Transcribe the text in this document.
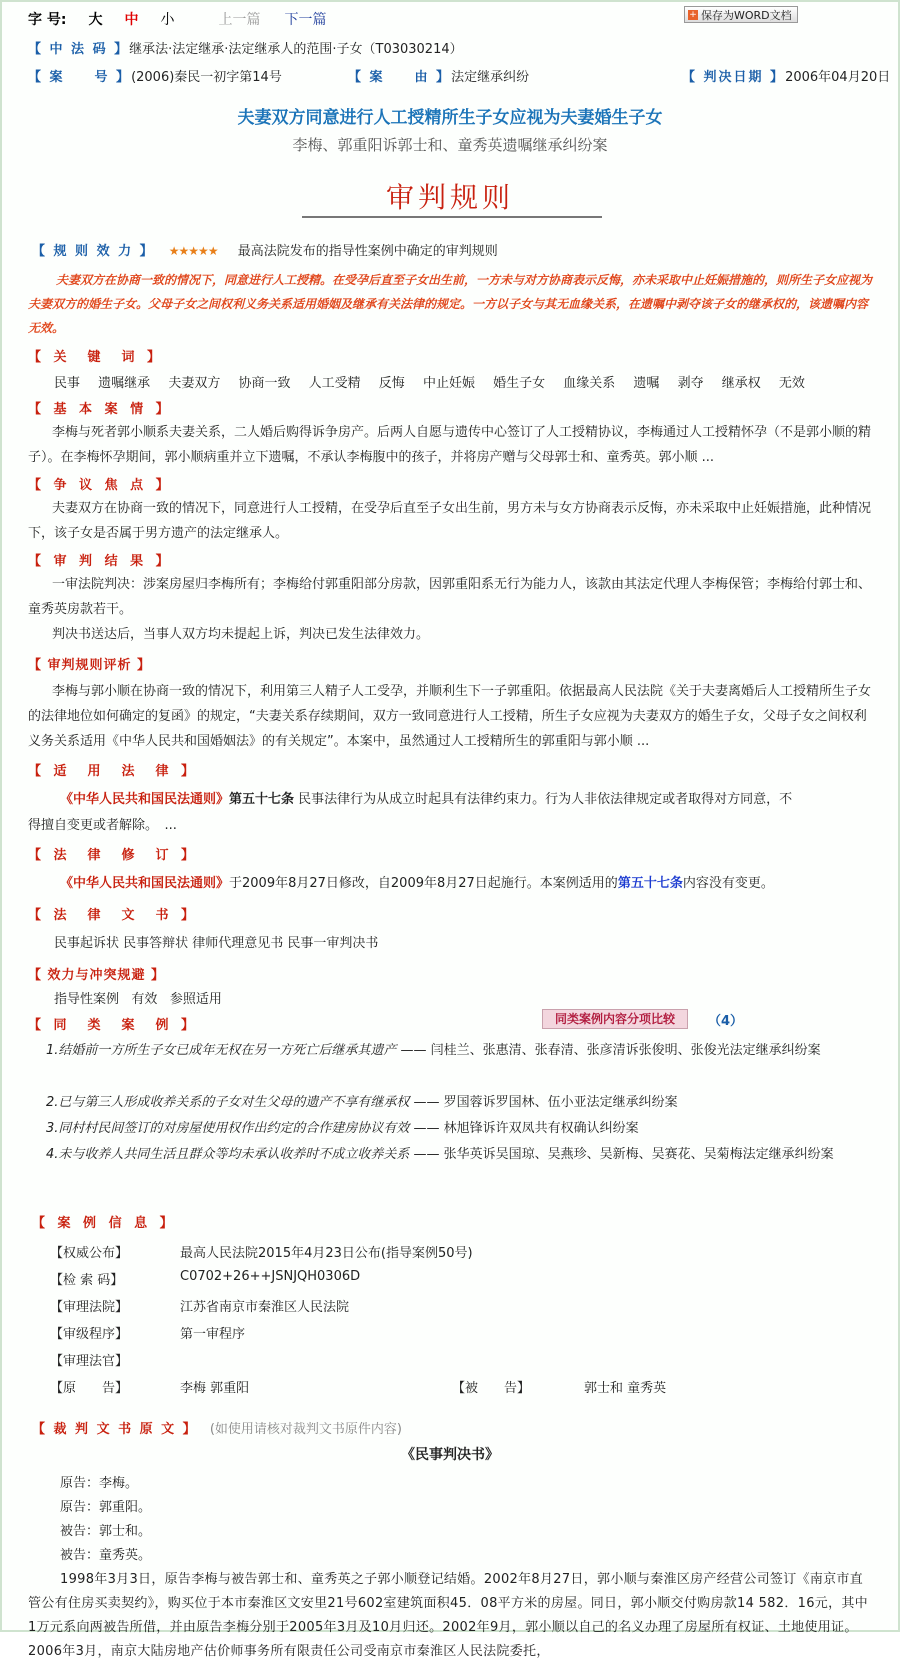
字 号: 大 中 小	上一篇 下一篇	+ 保存为WORD文档
【 中 法 码 】继承法·法定继承·法定继承人的范围·子女（T03030214）
【 案　　号 】(2006)秦民一初字第14号	【 案　　由 】法定继承纠纷	【 判决日期 】2006年04月20日
夫妻双方同意进行人工授精所生子女应视为夫妻婚生子女
李梅、郭重阳诉郭士和、童秀英遗嘱继承纠纷案
审判规则
【 规 则 效 力 】 ★★★★★ 最高法院发布的指导性案例中确定的审判规则
夫妻双方在协商一致的情况下，同意进行人工授精。在受孕后直至子女出生前，一方未与对方协商表示反悔，亦未采取中止妊娠措施的，则所生子女应视为夫妻双方的婚生子女。父母子女之间权利义务关系适用婚姻及继承有关法律的规定。一方以子女与其无血缘关系，在遗嘱中剥夺该子女的继承权的，该遗嘱内容无效。
【 关　键　词 】
民事 遗嘱继承 夫妻双方 协商一致 人工受精 反悔 中止妊娠 婚生子女 血缘关系 遗嘱 剥夺 继承权 无效
【 基 本 案 情 】
李梅与死者郭小顺系夫妻关系，二人婚后购得诉争房产。后两人自愿与遗传中心签订了人工授精协议，李梅通过人工授精怀孕（不是郭小顺的精子）。在李梅怀孕期间，郭小顺病重并立下遗嘱，不承认李梅腹中的孩子，并将房产赠与父母郭士和、童秀英。郭小顺 ...
【 争 议 焦 点 】
夫妻双方在协商一致的情况下，同意进行人工授精，在受孕后直至子女出生前，男方未与女方协商表示反悔，亦未采取中止妊娠措施，此种情况下，该子女是否属于男方遗产的法定继承人。
【 审 判 结 果 】
一审法院判决：涉案房屋归李梅所有；李梅给付郭重阳部分房款，因郭重阳系无行为能力人，该款由其法定代理人李梅保管；李梅给付郭士和、童秀英房款若干。
判决书送达后，当事人双方均未提起上诉，判决已发生法律效力。
【 审判规则评析 】
李梅与郭小顺在协商一致的情况下，利用第三人精子人工受孕，并顺利生下一子郭重阳。依据最高人民法院《关于夫妻离婚后人工授精所生子女的法律地位如何确定的复函》的规定，“夫妻关系存续期间，双方一致同意进行人工授精，所生子女应视为夫妻双方的婚生子女，父母子女之间权利义务关系适用《中华人民共和国婚姻法》的有关规定”。本案中，虽然通过人工授精所生的郭重阳与郭小顺 ...
【 适　用　法　律 】
《中华人民共和国民法通则》第五十七条 民事法律行为从成立时起具有法律约束力。行为人非依法律规定或者取得对方同意，不
得擅自变更或者解除。　...
【 法　律　修　订 】
《中华人民共和国民法通则》于2009年8月27日修改，自2009年8月27日起施行。本案例适用的第五十七条内容没有变更。
【 法　律　文　书 】
民事起诉状 民事答辩状 律师代理意见书 民事一审判决书
【 效力与冲突规避 】
指导性案例 有效 参照适用
【 同　类　案　例 】	同类案例内容分项比较	（4）
1.结婚前一方所生子女已成年无权在另一方死亡后继承其遗产 —— 闫桂兰、张惠清、张春清、张彦清诉张俊明、张俊光法定继承纠纷案
2.已与第三人形成收养关系的子女对生父母的遗产不享有继承权 —— 罗国蓉诉罗国林、伍小亚法定继承纠纷案
3.同村村民间签订的对房屋使用权作出约定的合作建房协议有效 —— 林旭锋诉许双凤共有权确认纠纷案
4.未与收养人共同生活且群众等均未承认收养时不成立收养关系 —— 张华英诉吴国琼、吴燕珍、吴新梅、吴赛花、吴菊梅法定继承纠纷案
【 案 例 信 息 】
【权威公布】	最高人民法院2015年4月23日公布(指导案例50号)
【检 索 码】	C0702+26++JSNJQH0306D
【审理法院】	江苏省南京市秦淮区人民法院
【审级程序】	第一审程序
【审理法官】
【原　　告】	李梅 郭重阳	【被　　告】	郭士和 童秀英
【 裁 判 文 书 原 文 】 (如使用请核对裁判文书原件内容)
《民事判决书》
原告：李梅。
原告：郭重阳。
被告：郭士和。
被告：童秀英。
1998年3月3日，原告李梅与被告郭士和、童秀英之子郭小顺登记结婚。2002年8月27日，郭小顺与秦淮区房产经营公司签订《南京市直管公有住房买卖契约》，购买位于本市秦淮区文安里21号602室建筑面积45．08平方米的房屋。同日，郭小顺交付购房款14 582．16元，其中1万元系向两被告所借，并由原告李梅分别于2005年3月及10月归还。2002年9月，郭小顺以自己的名义办理了房屋所有权证、土地使用证。2006年3月，南京大陆房地产估价师事务所有限责任公司受南京市秦淮区人民法院委托，
